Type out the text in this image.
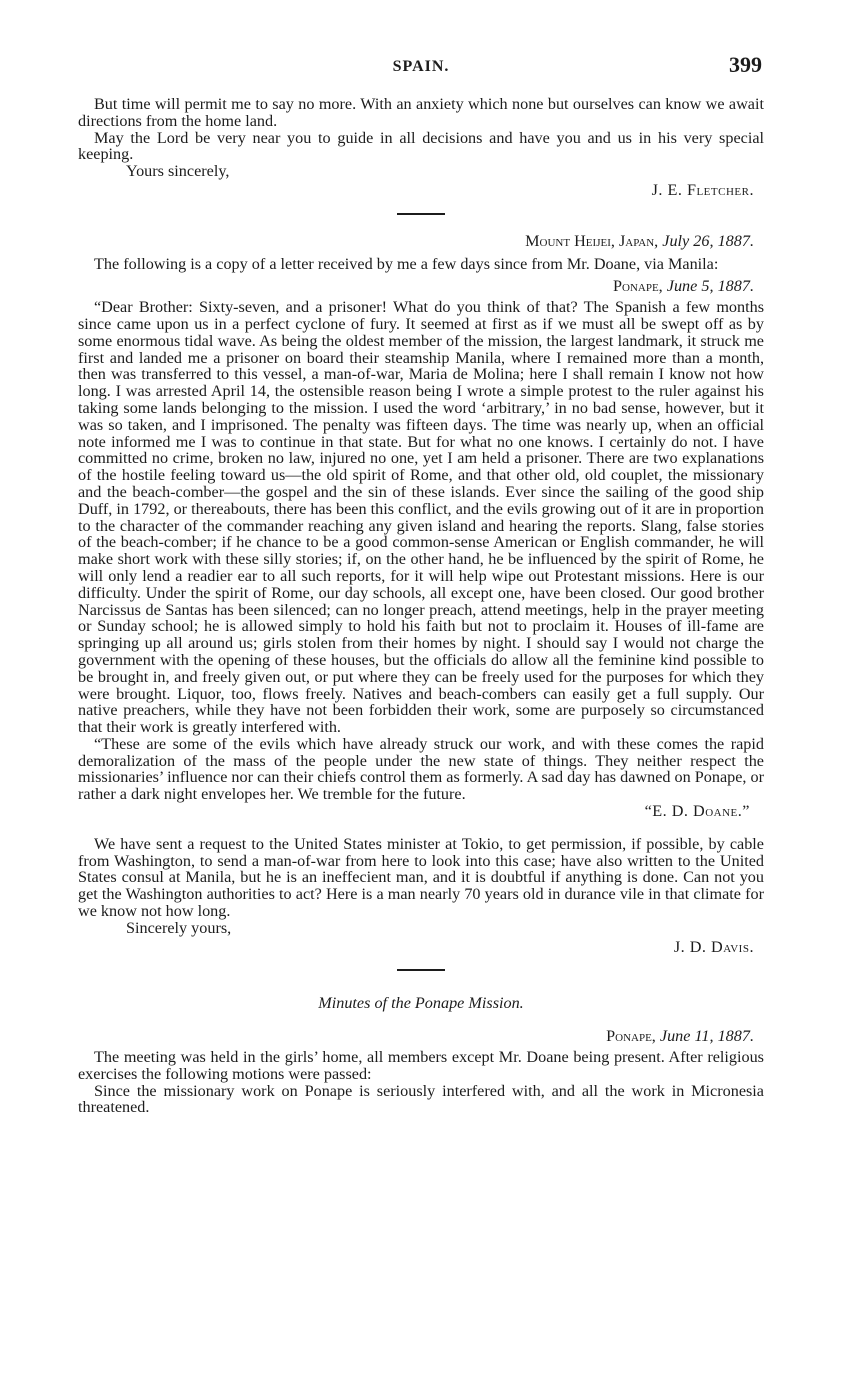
SPAIN.	399

But time will permit me to say no more. With an anxiety which none but ourselves can know we await directions from the home land.

May the Lord be very near you to guide in all decisions and have you and us in his very special keeping.

Yours sincerely,

J. E. Fletcher.

Mount Heijei, Japan, July 26, 1887.

The following is a copy of a letter received by me a few days since from Mr. Doane, via Manila:

Ponape, June 5, 1887.

“Dear Brother: Sixty-seven, and a prisoner! What do you think of that? The Spanish a few months since came upon us in a perfect cyclone of fury. It seemed at first as if we must all be swept off as by some enormous tidal wave. As being the oldest member of the mission, the largest landmark, it struck me first and landed me a prisoner on board their steamship Manila, where I remained more than a month, then was transferred to this vessel, a man-of-war, Maria de Molina; here I shall remain I know not how long. I was arrested April 14, the ostensible reason being I wrote a simple protest to the ruler against his taking some lands belonging to the mission. I used the word ‘arbitrary,’ in no bad sense, however, but it was so taken, and I imprisoned. The penalty was fifteen days. The time was nearly up, when an official note informed me I was to continue in that state. But for what no one knows. I certainly do not. I have committed no crime, broken no law, injured no one, yet I am held a prisoner. There are two explanations of the hostile feeling toward us—the old spirit of Rome, and that other old, old couplet, the missionary and the beach-comber—the gospel and the sin of these islands. Ever since the sailing of the good ship Duff, in 1792, or thereabouts, there has been this conflict, and the evils growing out of it are in proportion to the character of the commander reaching any given island and hearing the reports. Slang, false stories of the beach-comber; if he chance to be a good common-sense American or English commander, he will make short work with these silly stories; if, on the other hand, he be influenced by the spirit of Rome, he will only lend a readier ear to all such reports, for it will help wipe out Protestant missions. Here is our difficulty. Under the spirit of Rome, our day schools, all except one, have been closed. Our good brother Narcissus de Santas has been silenced; can no longer preach, attend meetings, help in the prayer meeting or Sunday school; he is allowed simply to hold his faith but not to proclaim it. Houses of ill-fame are springing up all around us; girls stolen from their homes by night. I should say I would not charge the government with the opening of these houses, but the officials do allow all the feminine kind possible to be brought in, and freely given out, or put where they can be freely used for the purposes for which they were brought. Liquor, too, flows freely. Natives and beach-combers can easily get a full supply. Our native preachers, while they have not been forbidden their work, some are purposely so circumstanced that their work is greatly interfered with.

“These are some of the evils which have already struck our work, and with these comes the rapid demoralization of the mass of the people under the new state of things. They neither respect the missionaries’ influence nor can their chiefs control them as formerly. A sad day has dawned on Ponape, or rather a dark night envelopes her. We tremble for the future.

“E. D. Doane.”

We have sent a request to the United States minister at Tokio, to get permission, if possible, by cable from Washington, to send a man-of-war from here to look into this case; have also written to the United States consul at Manila, but he is an ineffecient man, and it is doubtful if anything is done. Can not you get the Washington authorities to act? Here is a man nearly 70 years old in durance vile in that climate for we know not how long.

Sincerely yours,

J. D. Davis.

Minutes of the Ponape Mission.

Ponape, June 11, 1887.

The meeting was held in the girls’ home, all members except Mr. Doane being present. After religious exercises the following motions were passed:

Since the missionary work on Ponape is seriously interfered with, and all the work in Micronesia threatened.
